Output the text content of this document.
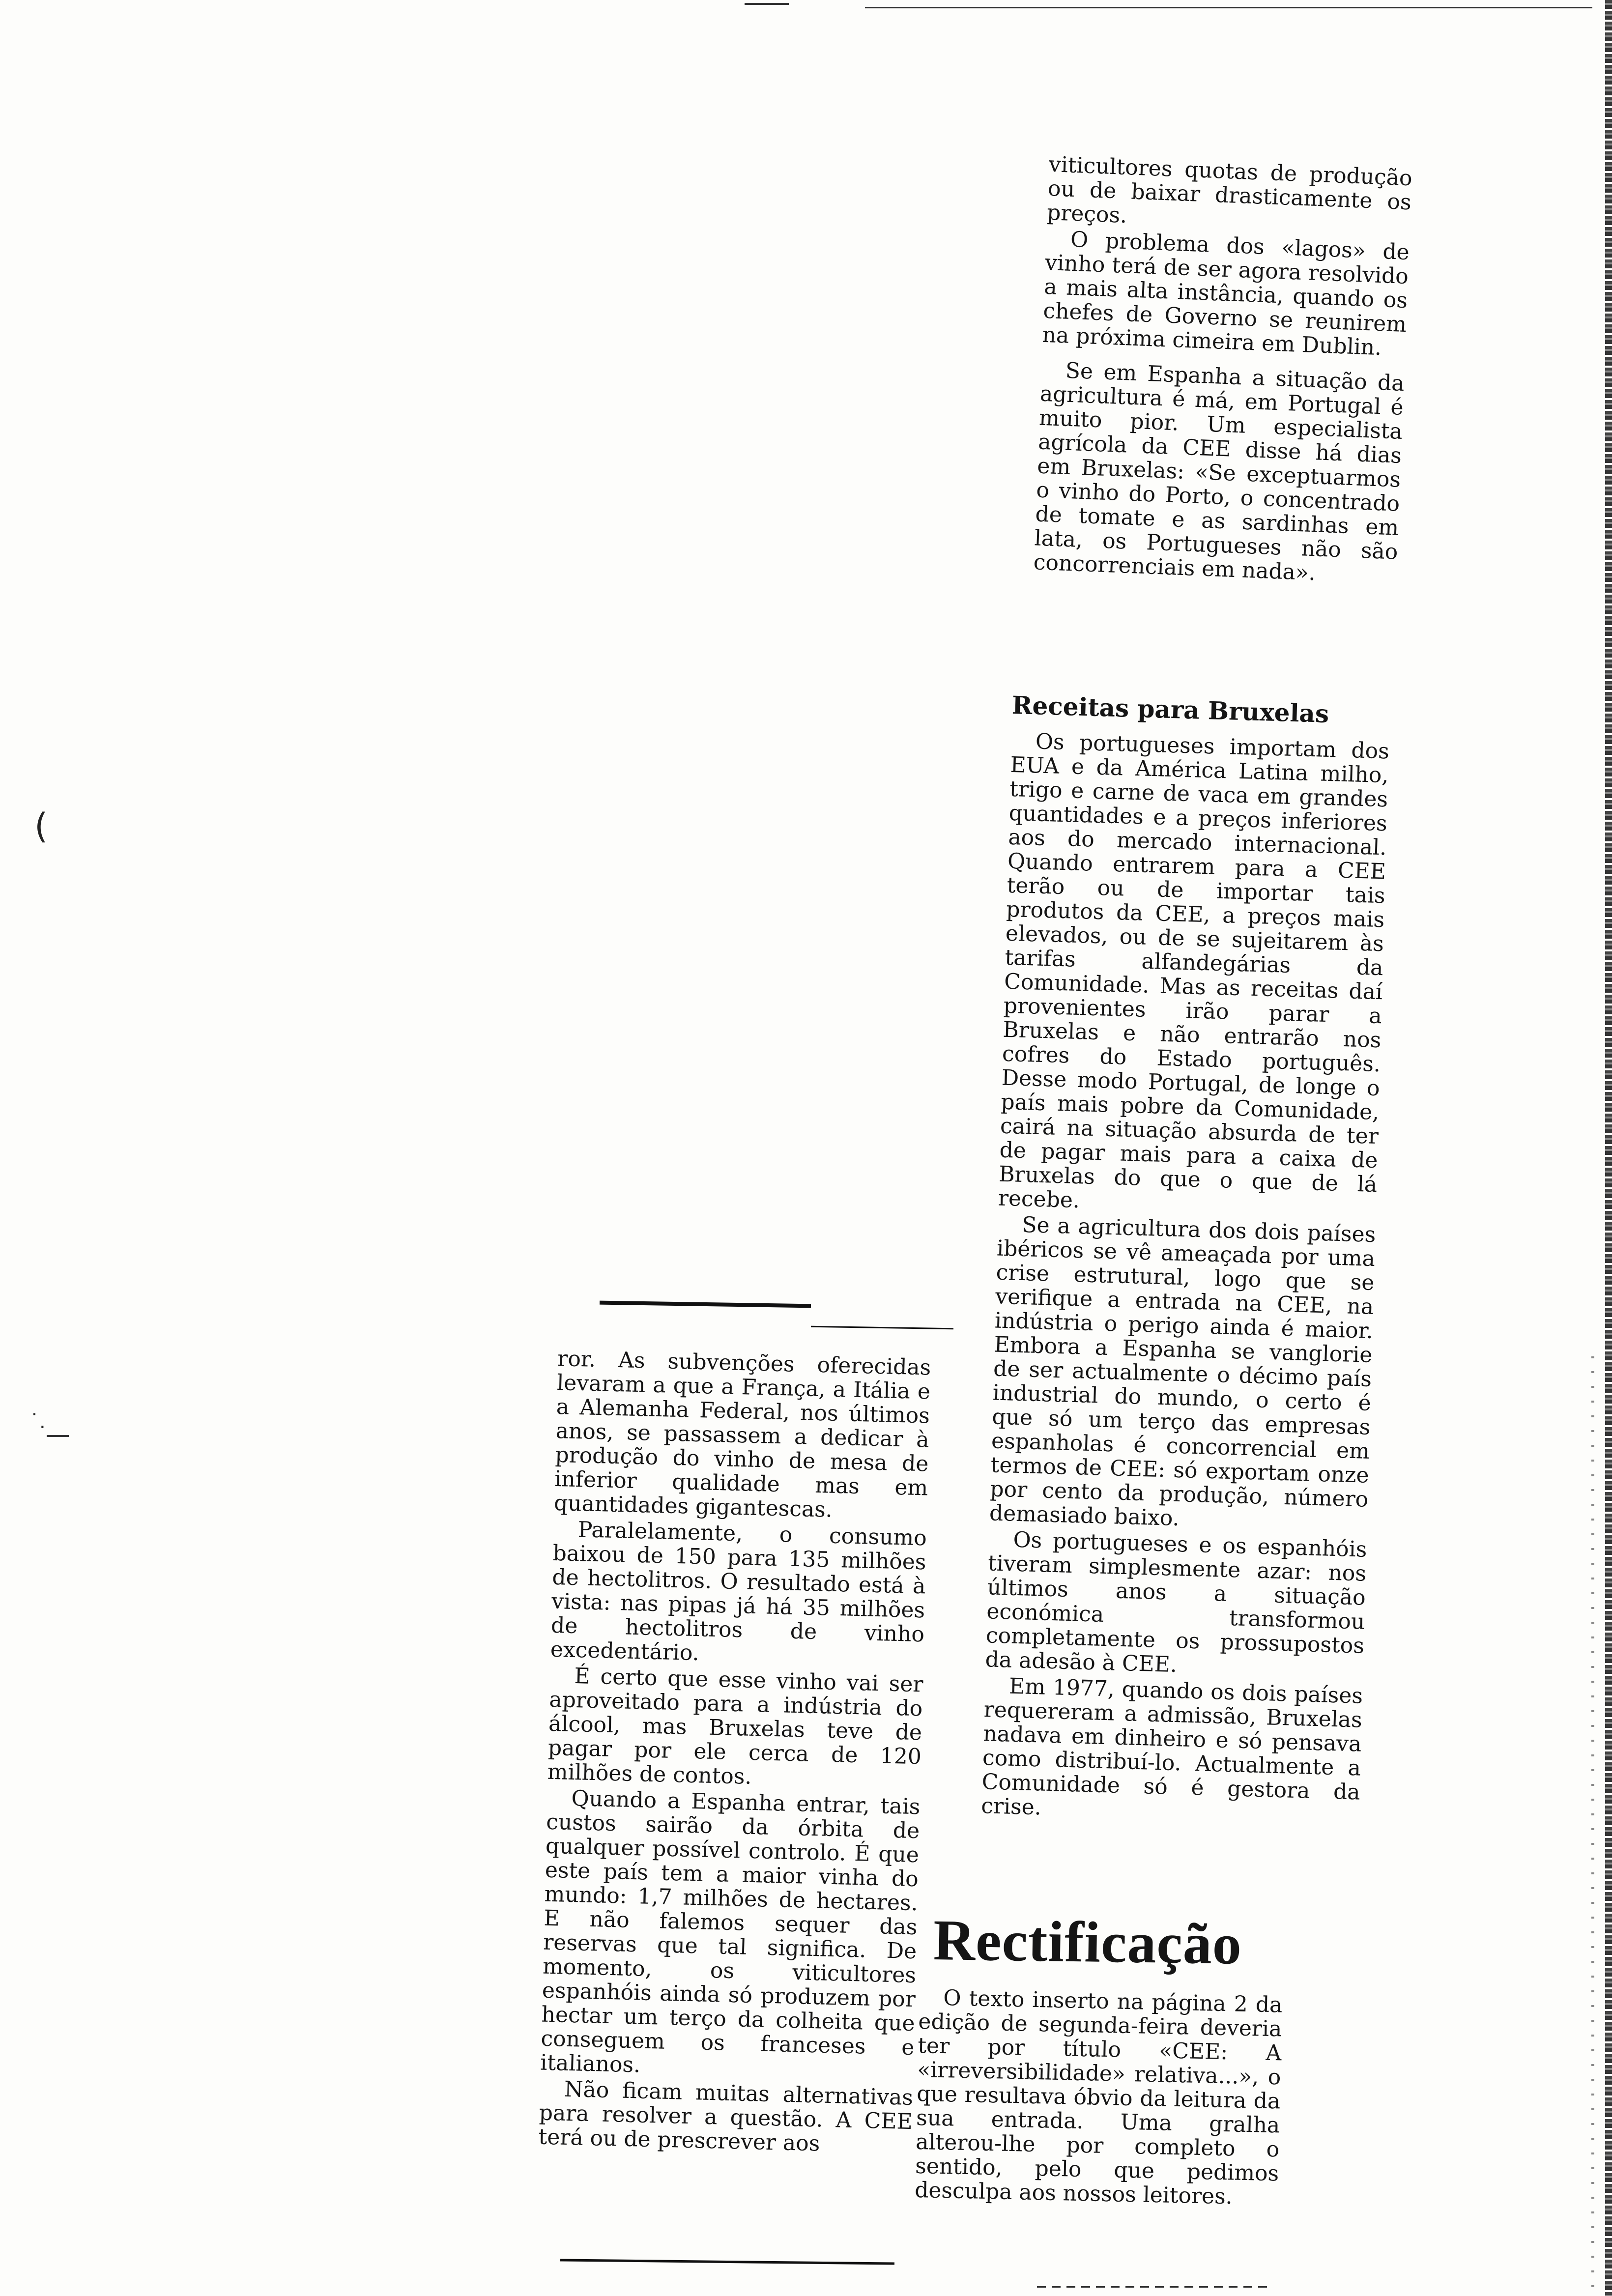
(
˙.

viticultores quotas de produção ou de baixar drasticamente os preços.

O problema dos «lagos» de vinho terá de ser agora resolvido a mais alta instância, quando os chefes de Governo se reunirem na próxima cimeira em Dublin.

Se em Espanha a situação da agricultura é má, em Portugal é muito pior. Um especialista agrícola da CEE disse há dias em Bruxelas: «Se exceptuarmos o vinho do Porto, o concentrado de tomate e as sardinhas em lata, os Portugueses não são concorrenciais em nada».

Receitas para Bruxelas

Os portugueses importam dos EUA e da América Latina milho, trigo e carne de vaca em grandes quantidades e a preços inferiores aos do mercado internacional. Quando entrarem para a CEE terão ou de importar tais produtos da CEE, a preços mais elevados, ou de se sujeitarem às tarifas alfandegárias da Comunidade. Mas as receitas daí provenientes irão parar a Bruxelas e não entrarão nos cofres do Estado português. Desse modo Portugal, de longe o país mais pobre da Comunidade, cairá na situação absurda de ter de pagar mais para a caixa de Bruxelas do que o que de lá recebe.

Se a agricultura dos dois países ibéricos se vê ameaçada por uma crise estrutural, logo que se verifique a entrada na CEE, na indústria o perigo ainda é maior. Embora a Espanha se vanglorie de ser actualmente o décimo país industrial do mundo, o certo é que só um terço das empresas espanholas é concorrencial em termos de CEE: só exportam onze por cento da produção, número demasiado baixo.

Os portugueses e os espanhóis tiveram simplesmente azar: nos últimos anos a situação económica transformou completamente os prossupostos da adesão à CEE.

Em 1977, quando os dois países requereram a admissão, Bruxelas nadava em dinheiro e só pensava como distribuí-lo. Actualmente a Comunidade só é gestora da crise.

ror. As subvenções oferecidas levaram a que a França, a Itália e a Alemanha Federal, nos últimos anos, se passassem a dedicar à produção do vinho de mesa de inferior qualidade mas em quantidades gigantescas.

Paralelamente, o consumo baixou de 150 para 135 milhões de hectolitros. O resultado está à vista: nas pipas já há 35 milhões de hectolitros de vinho excedentário.

É certo que esse vinho vai ser aproveitado para a indústria do álcool, mas Bruxelas teve de pagar por ele cerca de 120 milhões de contos.

Quando a Espanha entrar, tais custos sairão da órbita de qualquer possível controlo. É que este país tem a maior vinha do mundo: 1,7 milhões de hectares. E não falemos sequer das reservas que tal significa. De momento, os viticultores espanhóis ainda só produzem por hectar um terço da colheita que conseguem os franceses e italianos.

Não ficam muitas alternativas para resolver a questão. A CEE terá ou de prescrever aos

Rectificação

O texto inserto na página 2 da edição de segunda-feira deveria ter por título «CEE: A «irreversibilidade» relativa...», o que resultava óbvio da leitura da sua entrada. Uma gralha alterou-lhe por completo o sentido, pelo que pedimos desculpa aos nossos leitores.
